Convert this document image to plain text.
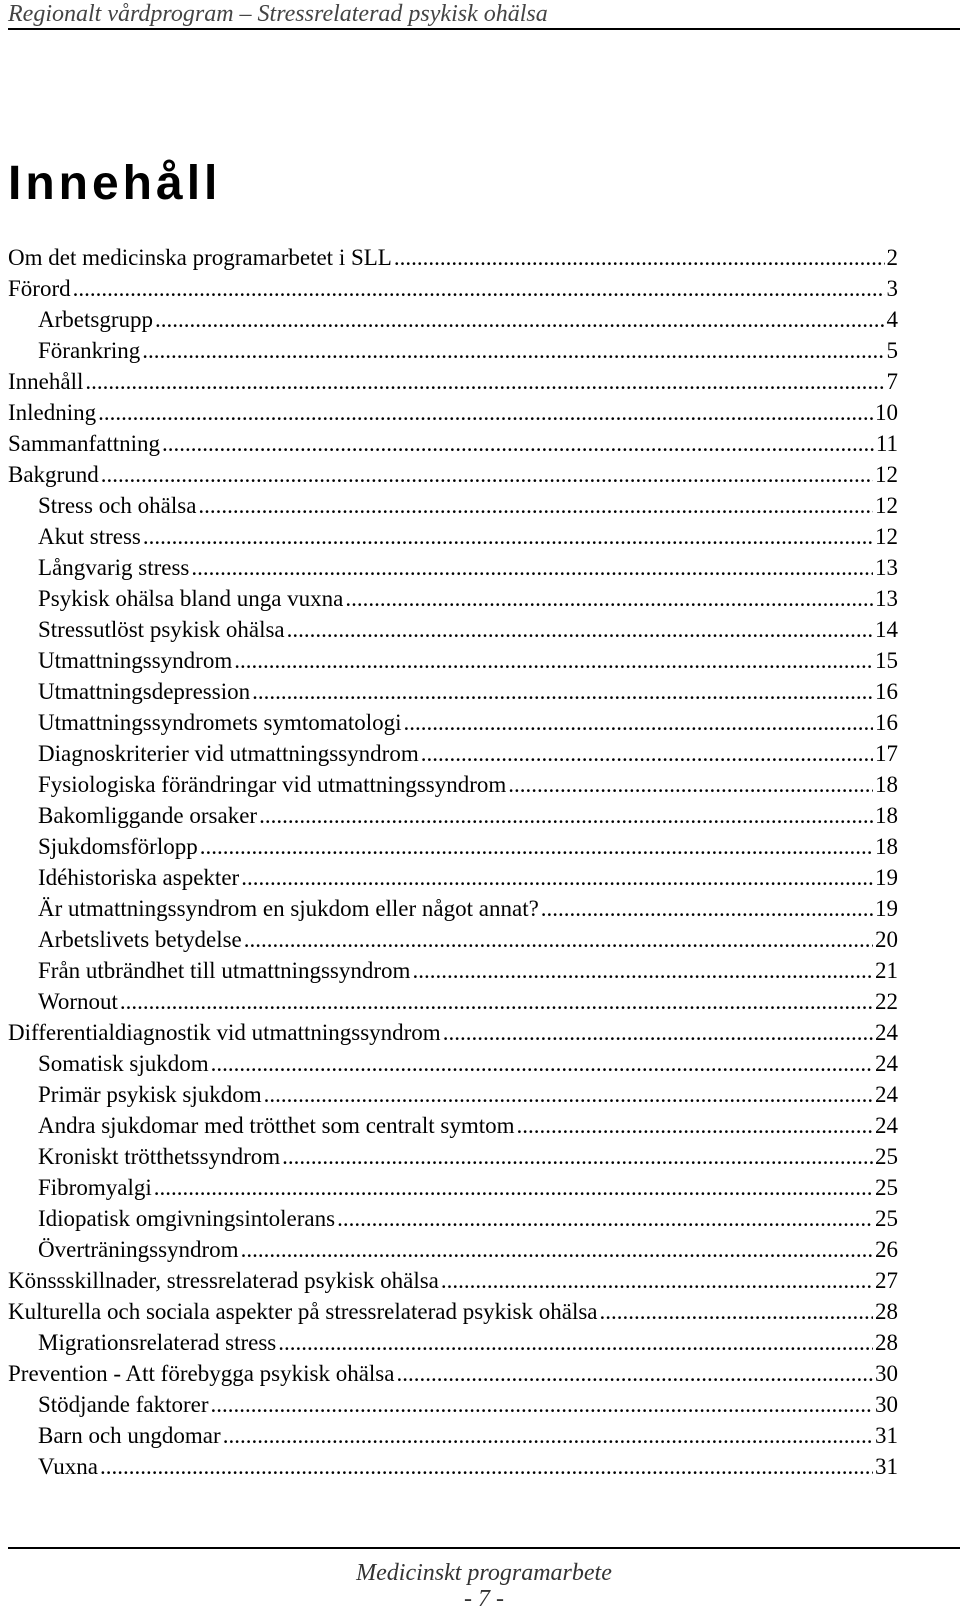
Regionalt vårdprogram – Stressrelaterad psykisk ohälsa
Innehåll
Om det medicinska programarbetet i SLL .....	2
Förord .....	3
Arbetsgrupp .....	4
Förankring .....	5
Innehåll .....	7
Inledning .....	10
Sammanfattning .....	11
Bakgrund .....	12
Stress och ohälsa .....	12
Akut stress .....	12
Långvarig stress .....	13
Psykisk ohälsa bland unga vuxna .....	13
Stressutlöst psykisk ohälsa .....	14
Utmattningssyndrom .....	15
Utmattningsdepression .....	16
Utmattningssyndromets symtomatologi .....	16
Diagnoskriterier vid utmattningssyndrom .....	17
Fysiologiska förändringar vid utmattningssyndrom .....	18
Bakomliggande orsaker .....	18
Sjukdomsförlopp .....	18
Idéhistoriska aspekter .....	19
Är utmattningssyndrom en sjukdom eller något annat? .....	19
Arbetslivets betydelse .....	20
Från utbrändhet till utmattningssyndrom .....	21
Wornout .....	22
Differentialdiagnostik vid utmattningssyndrom .....	24
Somatisk sjukdom .....	24
Primär psykisk sjukdom .....	24
Andra sjukdomar med trötthet som centralt symtom .....	24
Kroniskt trötthetssyndrom .....	25
Fibromyalgi .....	25
Idiopatisk omgivningsintolerans .....	25
Överträningssyndrom .....	26
Könssskillnader, stressrelaterad psykisk ohälsa .....	27
Kulturella och sociala aspekter på stressrelaterad psykisk ohälsa .....	28
Migrationsrelaterad stress .....	28
Prevention - Att förebygga psykisk ohälsa .....	30
Stödjande faktorer .....	30
Barn och ungdomar .....	31
Vuxna .....	31
Medicinskt programarbete
- 7 -
